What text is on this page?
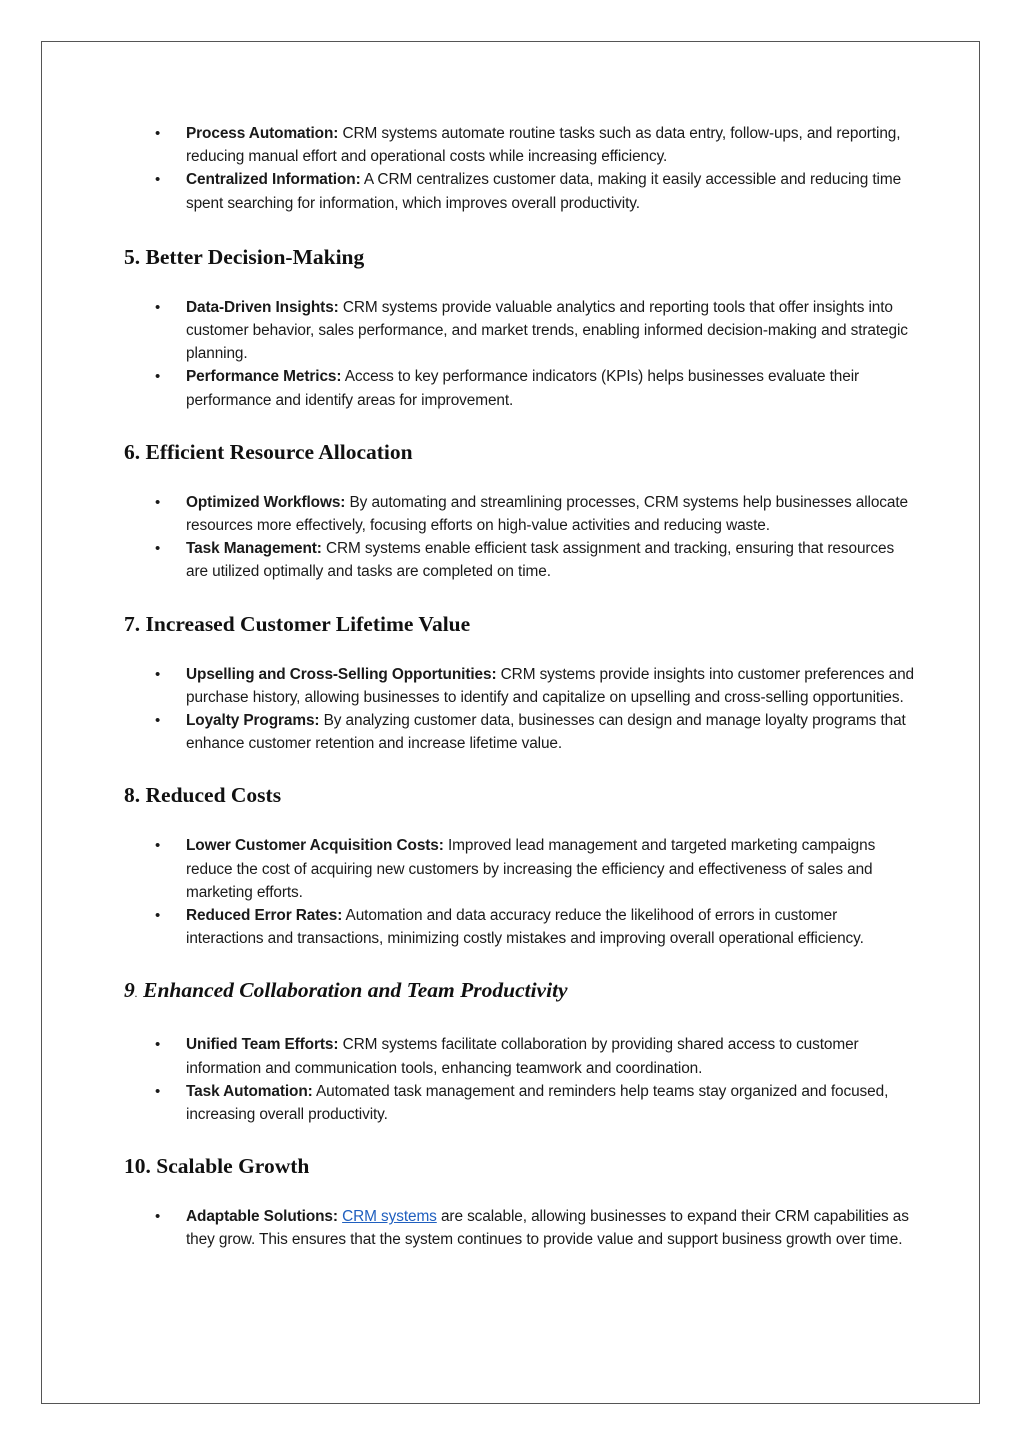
• Process Automation: CRM systems automate routine tasks such as data entry, follow-ups, and reporting, reducing manual effort and operational costs while increasing efficiency.
• Centralized Information: A CRM centralizes customer data, making it easily accessible and reducing time spent searching for information, which improves overall productivity.
5. Better Decision-Making
• Data-Driven Insights: CRM systems provide valuable analytics and reporting tools that offer insights into customer behavior, sales performance, and market trends, enabling informed decision-making and strategic planning.
• Performance Metrics: Access to key performance indicators (KPIs) helps businesses evaluate their performance and identify areas for improvement.
6. Efficient Resource Allocation
• Optimized Workflows: By automating and streamlining processes, CRM systems help businesses allocate resources more effectively, focusing efforts on high-value activities and reducing waste.
• Task Management: CRM systems enable efficient task assignment and tracking, ensuring that resources are utilized optimally and tasks are completed on time.
7. Increased Customer Lifetime Value
• Upselling and Cross-Selling Opportunities: CRM systems provide insights into customer preferences and purchase history, allowing businesses to identify and capitalize on upselling and cross-selling opportunities.
• Loyalty Programs: By analyzing customer data, businesses can design and manage loyalty programs that enhance customer retention and increase lifetime value.
8. Reduced Costs
• Lower Customer Acquisition Costs: Improved lead management and targeted marketing campaigns reduce the cost of acquiring new customers by increasing the efficiency and effectiveness of sales and marketing efforts.
• Reduced Error Rates: Automation and data accuracy reduce the likelihood of errors in customer interactions and transactions, minimizing costly mistakes and improving overall operational efficiency.
9. Enhanced Collaboration and Team Productivity
• Unified Team Efforts: CRM systems facilitate collaboration by providing shared access to customer information and communication tools, enhancing teamwork and coordination.
• Task Automation: Automated task management and reminders help teams stay organized and focused, increasing overall productivity.
10. Scalable Growth
• Adaptable Solutions: CRM systems are scalable, allowing businesses to expand their CRM capabilities as they grow. This ensures that the system continues to provide value and support business growth over time.
